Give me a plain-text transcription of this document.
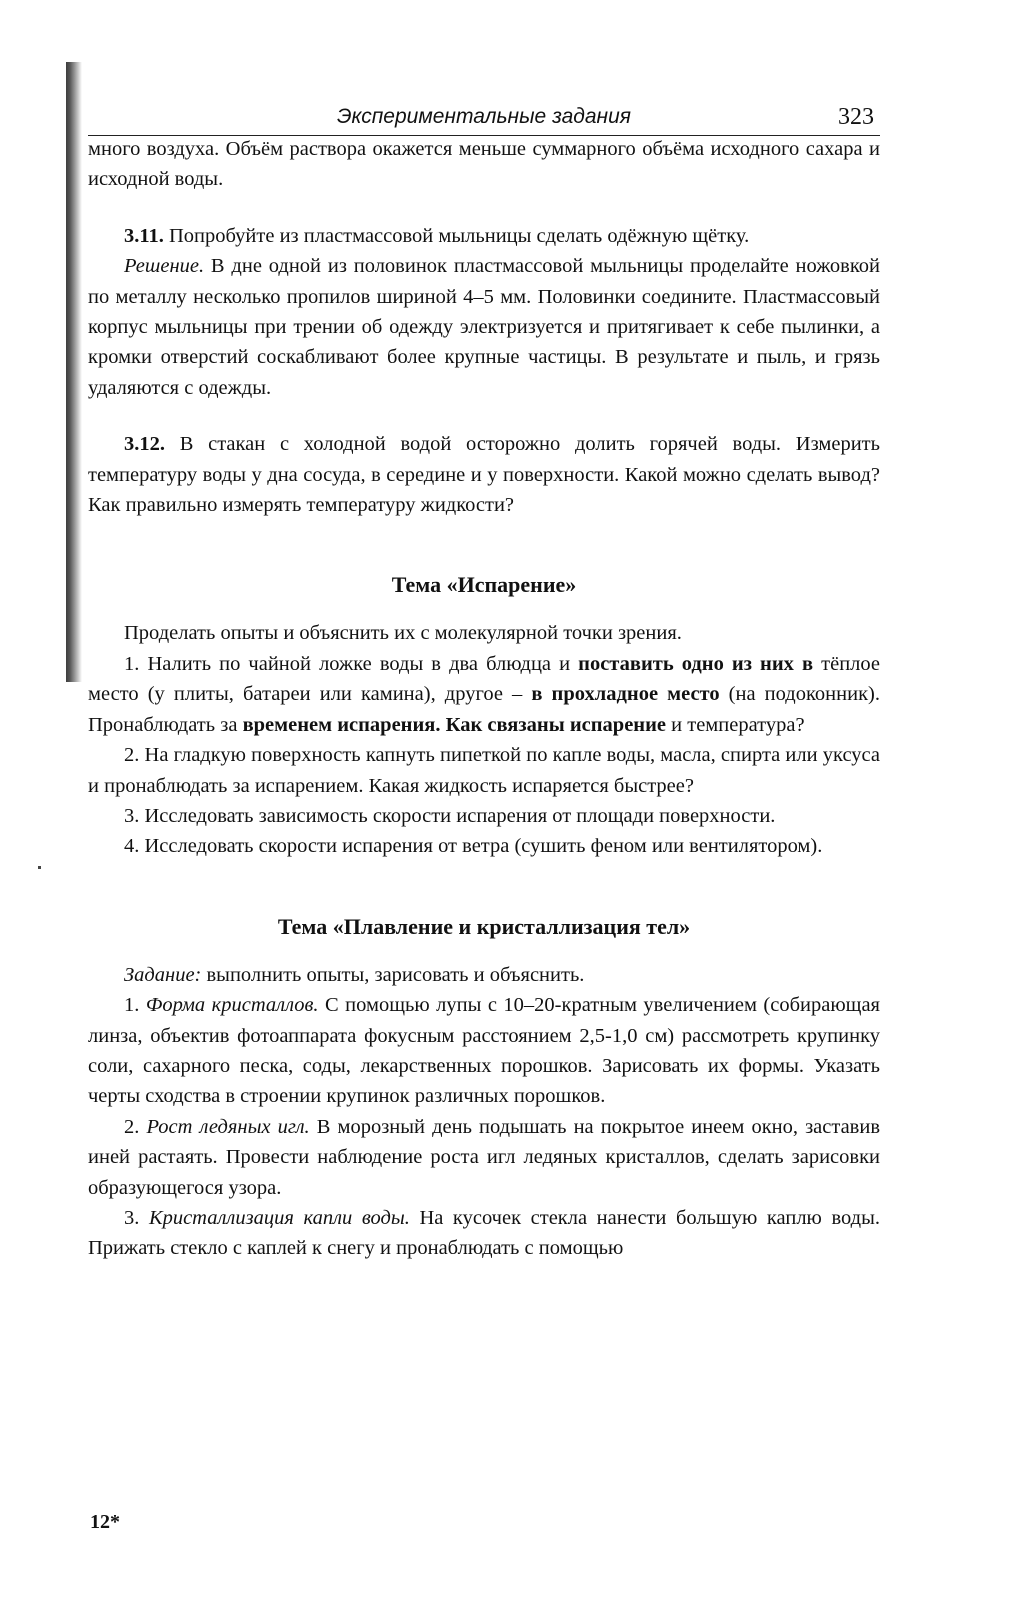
Экспериментальные задания	323

много воздуха. Объём раствора окажется меньше суммарного объёма исходного сахара и исходной воды.

3.11. Попробуйте из пластмассовой мыльницы сделать одёжную щётку.

Решение. В дне одной из половинок пластмассовой мыльницы проделайте ножовкой по металлу несколько пропилов шириной 4–5 мм. Половинки соедините. Пластмассовый корпус мыльницы при трении об одежду электризуется и притягивает к себе пылинки, а кромки отверстий соскабливают более крупные частицы. В результате и пыль, и грязь удаляются с одежды.

3.12. В стакан с холодной водой осторожно долить горячей воды. Измерить температуру воды у дна сосуда, в середине и у поверхности. Какой можно сделать вывод? Как правильно измерять температуру жидкости?

Тема «Испарение»

Проделать опыты и объяснить их с молекулярной точки зрения.

1. Налить по чайной ложке воды в два блюдца и поставить одно из них в тёплое место (у плиты, батареи или камина), другое – в прохладное место (на подоконник). Пронаблюдать за временем испарения. Как связаны испарение и температура?

2. На гладкую поверхность капнуть пипеткой по капле воды, масла, спирта или уксуса и пронаблюдать за испарением. Какая жидкость испаряется быстрее?

3. Исследовать зависимость скорости испарения от площади поверхности.

4. Исследовать скорости испарения от ветра (сушить феном или вентилятором).

Тема «Плавление и кристаллизация тел»

Задание: выполнить опыты, зарисовать и объяснить.

1. Форма кристаллов. С помощью лупы с 10–20-кратным увеличением (собирающая линза, объектив фотоаппарата фокусным расстоянием 2,5-1,0 см) рассмотреть крупинку соли, сахарного песка, соды, лекарственных порошков. Зарисовать их формы. Указать черты сходства в строении крупинок различных порошков.

2. Рост ледяных игл. В морозный день подышать на покрытое инеем окно, заставив иней растаять. Провести наблюдение роста игл ледяных кристаллов, сделать зарисовки образующегося узора.

3. Кристаллизация капли воды. На кусочек стекла нанести большую каплю воды. Прижать стекло с каплей к снегу и пронаблюдать с помощью

12*
